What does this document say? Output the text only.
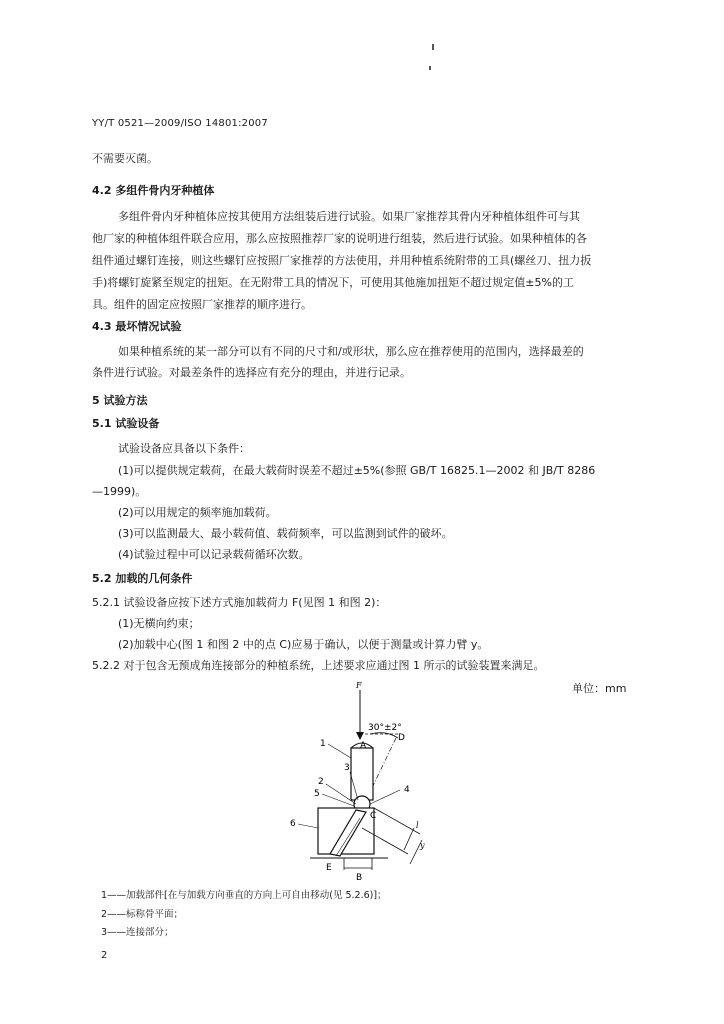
YY/T 0521—2009/ISO 14801:2007
不需要灭菌。
4.2 多组件骨内牙种植体
多组件骨内牙种植体应按其使用方法组装后进行试验。如果厂家推荐其骨内牙种植体组件可与其
他厂家的种植体组件联合应用，那么应按照推荐厂家的说明进行组装，然后进行试验。如果种植体的各
组件通过螺钉连接，则这些螺钉应按照厂家推荐的方法使用，并用种植系统附带的工具(螺丝刀、扭力扳
手)将螺钉旋紧至规定的扭矩。在无附带工具的情况下，可使用其他施加扭矩不超过规定值±5%的工
具。组件的固定应按照厂家推荐的顺序进行。
4.3 最坏情况试验
如果种植系统的某一部分可以有不同的尺寸和/或形状，那么应在推荐使用的范围内，选择最差的
条件进行试验。对最差条件的选择应有充分的理由，并进行记录。
5 试验方法
5.1 试验设备
试验设备应具备以下条件：
(1)可以提供规定载荷，在最大载荷时误差不超过±5%(参照 GB/T 16825.1—2002 和 JB/T 8286
—1999)。
(2)可以用规定的频率施加载荷。
(3)可以监测最大、最小载荷值、载荷频率，可以监测到试件的破坏。
(4)试验过程中可以记录载荷循环次数。
5.2 加载的几何条件
5.2.1 试验设备应按下述方式施加载荷力 F(见图 1 和图 2)：
(1)无横向约束；
(2)加载中心(图 1 和图 2 中的点 C)应易于确认，以便于测量或计算力臂 y。
5.2.2 对于包含无预成角连接部分的种植系统，上述要求应通过图 1 所示的试验装置来满足。
单位：mm
F
30°±2°
D
A
C
E
B
1
2
3
4
5
6	l
y
1——加载部件[在与加载方向垂直的方向上可自由移动(见 5.2.6)]；
2——标称骨平面；
3——连接部分；
2
